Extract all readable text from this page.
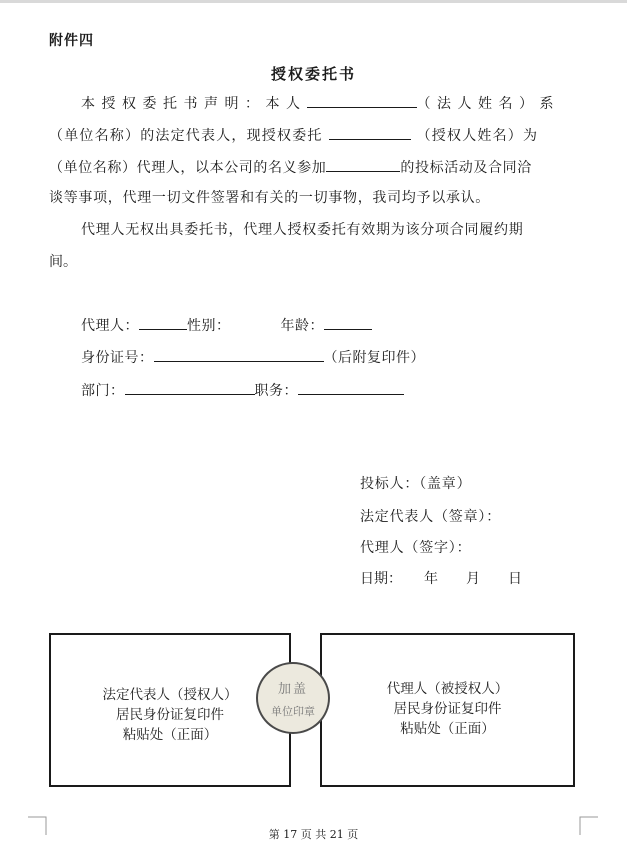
附件四
授权委托书
本授权委托书声明：本人	（法人姓名）系
（单位名称）的法定代表人，现授权委托	（授权人姓名）为
（单位名称）代理人，以本公司的名义参加	的投标活动及合同洽
谈等事项，代理一切文件签署和有关的一切事物，我司均予以承认。
代理人无权出具委托书，代理人授权委托有效期为该分项合同履约期
间。
代理人：	性别：	年龄：
身份证号：	（后附复印件）
部门：	职务：
投标人：（盖章）
法定代表人（签章）：
代理人（签字）：
日期： 年 月 日
法定代表人（授权人）
居民身份证复印件
粘贴处（正面）
代理人（被授权人）
居民身份证复印件
粘贴处（正面）
加盖
单位印章
第 17 页 共 21 页
